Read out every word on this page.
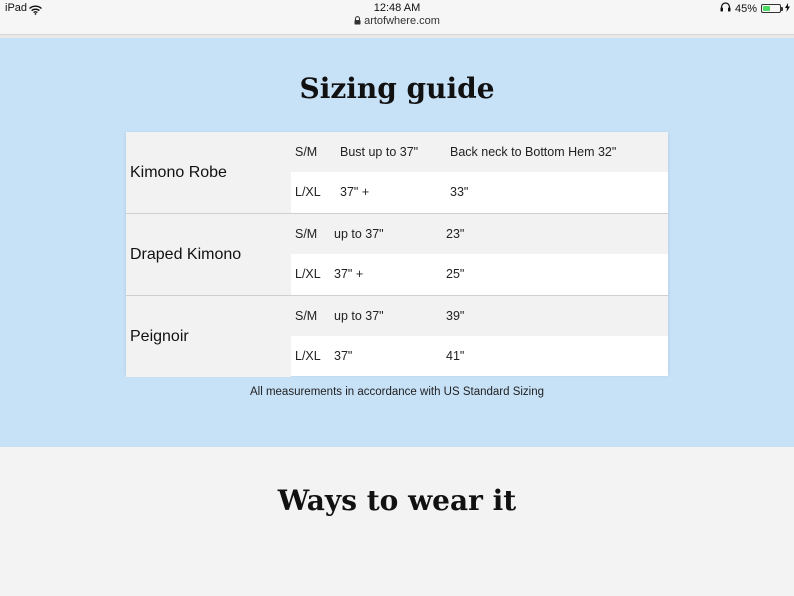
iPad	12:48 AM
artofwhere.com
45%
Sizing guide
Kimono Robe
S/M Bust up to 37"	Back neck to Bottom Hem 32"
L/XL 37" +	33"
Draped Kimono
S/M up to 37"	23"
L/XL 37" +	25"
Peignoir
S/M up to 37"	39"
L/XL 37"	41"
All measurements in accordance with US Standard Sizing
Ways to wear it
